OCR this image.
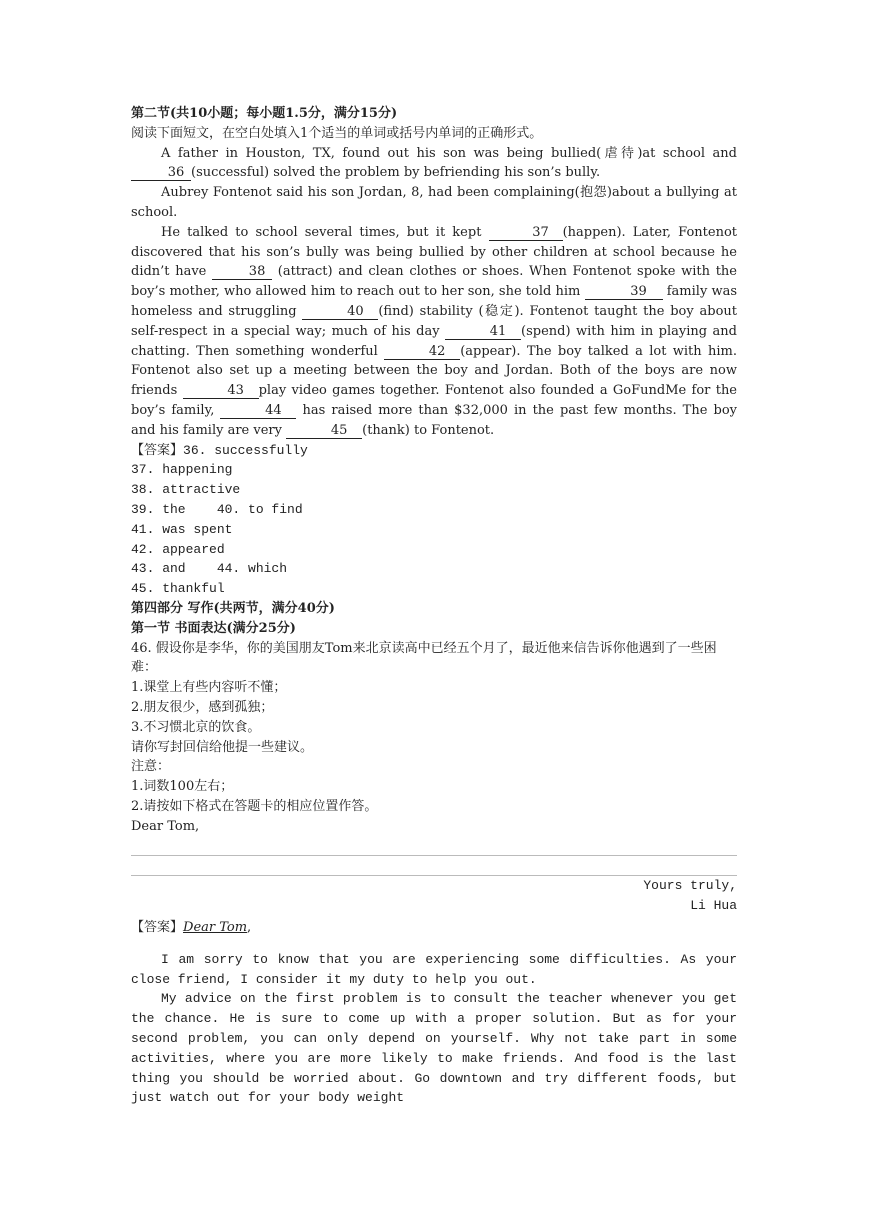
第二节(共10小题；每小题1.5分，满分15分)

阅读下面短文，在空白处填入1个适当的单词或括号内单词的正确形式。

A father in Houston, TX, found out his son was being bullied(虐待)at school and 36 (successful) solved the problem by befriending his son’s bully.

Aubrey Fontenot said his son Jordan, 8, had been complaining(抱怨)about a bullying at school.

He talked to school several times, but it kept	37 (happen). Later, Fontenot discovered that his son’s bully was being bullied by other children at school because he didn’t have	38 (attract) and clean clothes or shoes. When Fontenot spoke with the boy’s mother, who allowed him to reach out to her son, she told him	39 family was homeless and struggling	40 (find) stability (稳定). Fontenot taught the boy about self-respect in a special way; much of his day	41 (spend) with him in playing and chatting. Then something wonderful	42 (appear). The boy talked a lot with him. Fontenot also set up a meeting between the boy and Jordan. Both of the boys are now friends	43 play video games together. Fontenot also founded a GoFundMe for the boy’s family,	44 has raised more than $32,000 in the past few months. The boy and his family are very	45 (thank) to Fontenot.

【答案】36. successfully

37. happening

38. attractive

39. the    40. to find

41. was spent

42. appeared

43. and    44. which

45. thankful

第四部分 写作(共两节，满分40分)

第一节 书面表达(满分25分)

46. 假设你是李华，你的美国朋友Tom来北京读高中已经五个月了，最近他来信告诉你他遇到了一些困难：

1.课堂上有些内容听不懂；

2.朋友很少，感到孤独；

3.不习惯北京的饮食。

请你写封回信给他提一些建议。

注意：

1.词数100左右；

2.请按如下格式在答题卡的相应位置作答。

Dear Tom,

Yours truly,

Li Hua

【答案】Dear Tom,

I am sorry to know that you are experiencing some difficulties. As your close friend, I consider it my duty to help you out.

My advice on the first problem is to consult the teacher whenever you get the chance. He is sure to come up with a proper solution. But as for your second problem, you can only depend on yourself. Why not take part in some activities, where you are more likely to make friends. And food is the last thing you should be worried about. Go downtown and try different foods, but just watch out for your body weight
